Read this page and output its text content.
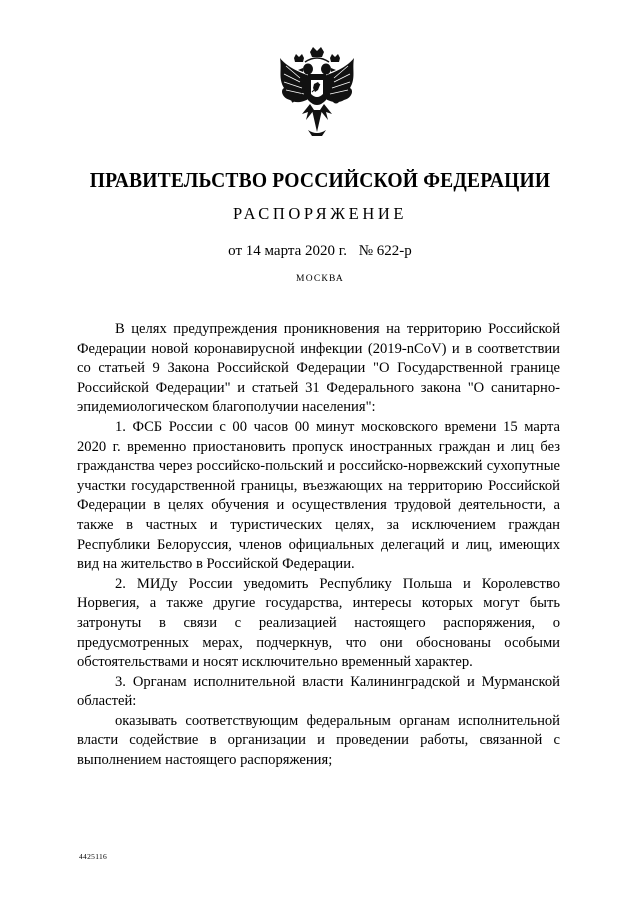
ПРАВИТЕЛЬСТВО РОССИЙСКОЙ ФЕДЕРАЦИИ
РАСПОРЯЖЕНИЕ
от 14 марта 2020 г. № 622-р
МОСКВА

В целях предупреждения проникновения на территорию Российской Федерации новой коронавирусной инфекции (2019-nCoV) и в соответствии со статьей 9 Закона Российской Федерации "О Государственной границе Российской Федерации" и статьей 31 Федерального закона "О санитарно-эпидемиологическом благополучии населения":

1. ФСБ России с 00 часов 00 минут московского времени 15 марта 2020 г. временно приостановить пропуск иностранных граждан и лиц без гражданства через российско-польский и российско-норвежский сухопутные участки государственной границы, въезжающих на территорию Российской Федерации в целях обучения и осуществления трудовой деятельности, а также в частных и туристических целях, за исключением граждан Республики Белоруссия, членов официальных делегаций и лиц, имеющих вид на жительство в Российской Федерации.

2. МИДу России уведомить Республику Польша и Королевство Норвегия, а также другие государства, интересы которых могут быть затронуты в связи с реализацией настоящего распоряжения, о предусмотренных мерах, подчеркнув, что они обоснованы особыми обстоятельствами и носят исключительно временный характер.

3. Органам исполнительной власти Калининградской и Мурманской областей:

оказывать соответствующим федеральным органам исполнительной власти содействие в организации и проведении работы, связанной с выполнением настоящего распоряжения;

4425116
